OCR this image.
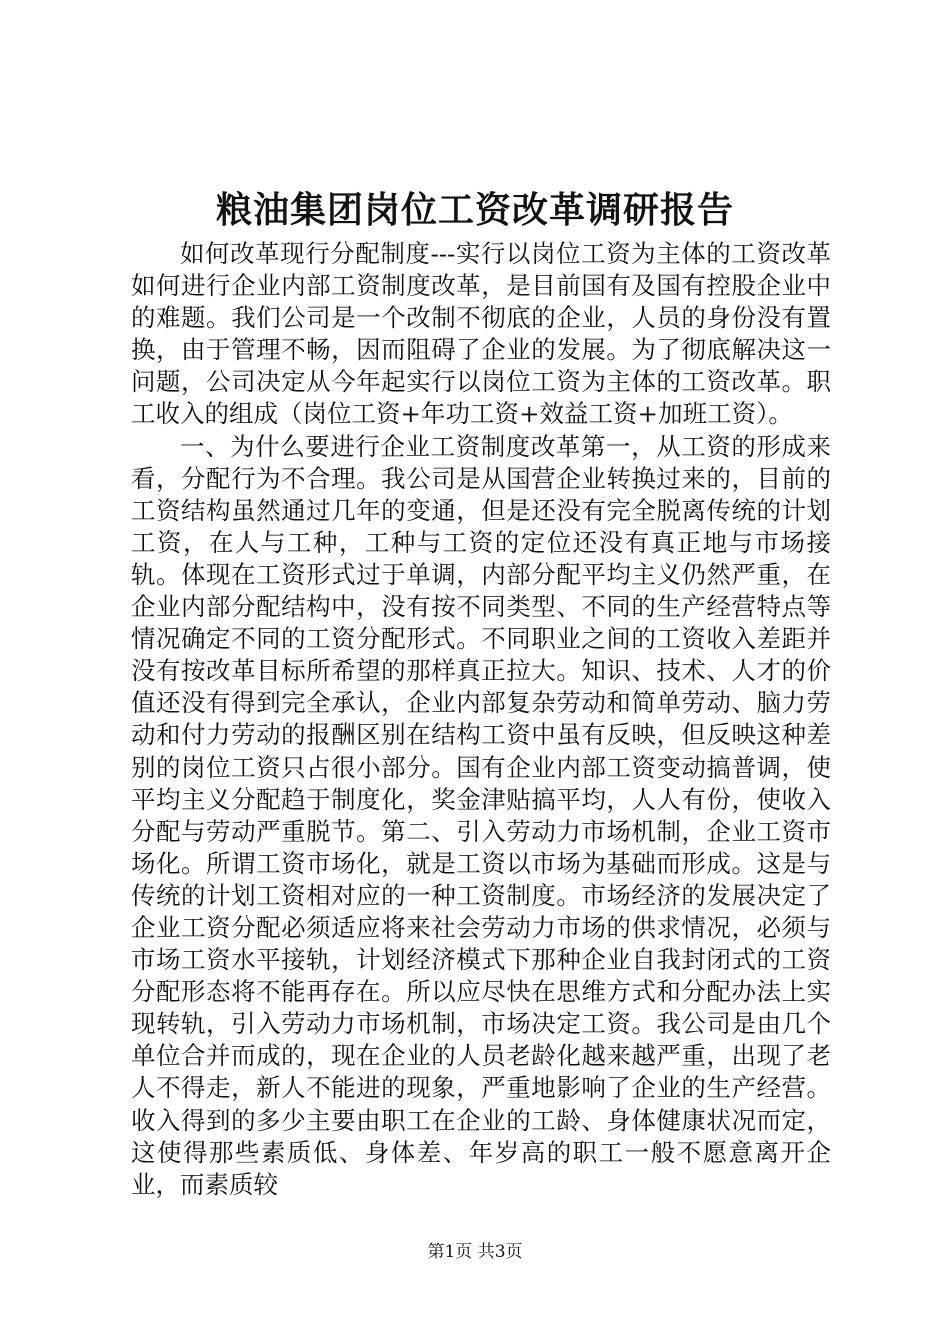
粮油集团岗位工资改革调研报告

如何改革现行分配制度---实行以岗位工资为主体的工资改革如何进行企业内部工资制度改革，是目前国有及国有控股企业中的难题。我们公司是一个改制不彻底的企业，人员的身份没有置换，由于管理不畅，因而阻碍了企业的发展。为了彻底解决这一问题，公司决定从今年起实行以岗位工资为主体的工资改革。职工收入的组成（岗位工资+年功工资+效益工资+加班工资）。

一、为什么要进行企业工资制度改革第一，从工资的形成来看，分配行为不合理。我公司是从国营企业转换过来的，目前的工资结构虽然通过几年的变通，但是还没有完全脱离传统的计划工资，在人与工种，工种与工资的定位还没有真正地与市场接轨。体现在工资形式过于单调，内部分配平均主义仍然严重，在企业内部分配结构中，没有按不同类型、不同的生产经营特点等情况确定不同的工资分配形式。不同职业之间的工资收入差距并没有按改革目标所希望的那样真正拉大。知识、技术、人才的价值还没有得到完全承认，企业内部复杂劳动和简单劳动、脑力劳动和付力劳动的报酬区别在结构工资中虽有反映，但反映这种差别的岗位工资只占很小部分。国有企业内部工资变动搞普调，使平均主义分配趋于制度化，奖金津贴搞平均，人人有份，使收入分配与劳动严重脱节。第二、引入劳动力市场机制，企业工资市场化。所谓工资市场化，就是工资以市场为基础而形成。这是与传统的计划工资相对应的一种工资制度。市场经济的发展决定了企业工资分配必须适应将来社会劳动力市场的供求情况，必须与市场工资水平接轨，计划经济模式下那种企业自我封闭式的工资分配形态将不能再存在。所以应尽快在思维方式和分配办法上实现转轨，引入劳动力市场机制，市场决定工资。我公司是由几个单位合并而成的，现在企业的人员老龄化越来越严重，出现了老人不得走，新人不能进的现象，严重地影响了企业的生产经营。收入得到的多少主要由职工在企业的工龄、身体健康状况而定，这使得那些素质低、身体差、年岁高的职工一般不愿意离开企业，而素质较

第1页 共3页
